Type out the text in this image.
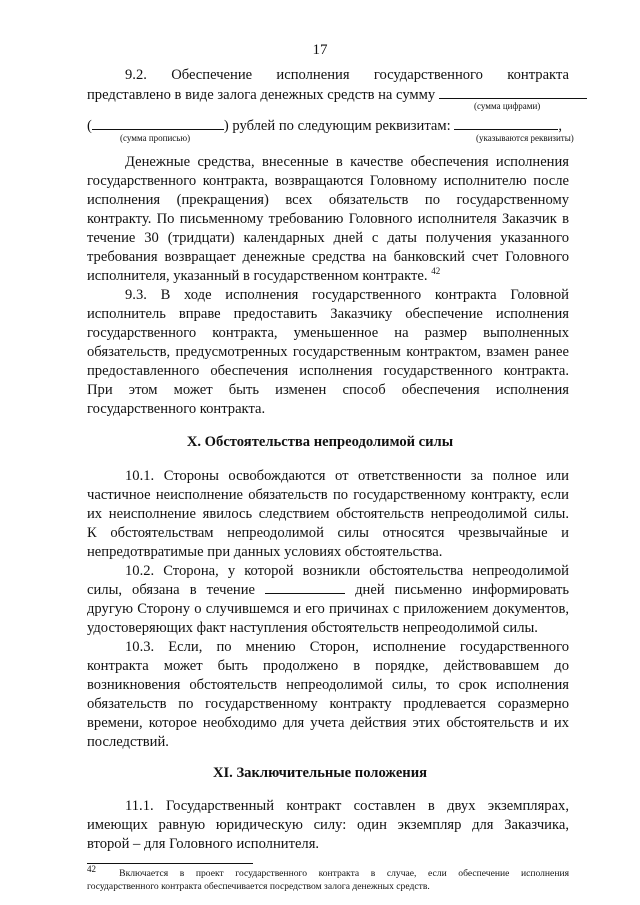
17
9.2. Обеспечение исполнения государственного контракта
представлено в виде залога денежных средств на сумму
(сумма цифрами)
(	) рублей по следующим реквизитам:	,
(сумма прописью)	(указываются реквизиты)
Денежные средства, внесенные в качестве обеспечения исполнения
государственного контракта, возвращаются Головному исполнителю после
исполнения (прекращения) всех обязательств по государственному
контракту. По письменному требованию Головного исполнителя Заказчик в
течение 30 (тридцати) календарных дней с даты получения указанного
требования возвращает денежные средства на банковский счет Головного
исполнителя, указанный в государственном контракте. $^{42}$
9.3. В ходе исполнения государственного контракта Головной
исполнитель вправе предоставить Заказчику обеспечение исполнения
государственного контракта, уменьшенное на размер выполненных
обязательств, предусмотренных государственным контрактом, взамен ранее
предоставленного обеспечения исполнения государственного контракта.
При этом может быть изменен способ обеспечения исполнения
государственного контракта.
X. Обстоятельства непреодолимой силы
10.1. Стороны освобождаются от ответственности за полное или
частичное неисполнение обязательств по государственному контракту, если
их неисполнение явилось следствием обстоятельств непреодолимой силы.
К обстоятельствам непреодолимой силы относятся чрезвычайные и
непредотвратимые при данных условиях обстоятельства.
10.2. Сторона, у которой возникли обстоятельства непреодолимой
силы, обязана в течение	дней письменно информировать
другую Сторону о случившемся и его причинах с приложением документов,
удостоверяющих факт наступления обстоятельств непреодолимой силы.
10.3. Если, по мнению Сторон, исполнение государственного
контракта может быть продолжено в порядке, действовавшем до
возникновения обстоятельств непреодолимой силы, то срок исполнения
обязательств по государственному контракту продлевается соразмерно
времени, которое необходимо для учета действия этих обстоятельств и их
последствий.
XI. Заключительные положения
11.1. Государственный контракт составлен в двух экземплярах,
имеющих равную юридическую силу: один экземпляр для Заказчика,
второй – для Головного исполнителя.
$^{42}$ Включается в проект государственного контракта в случае, если обеспечение исполнения
государственного контракта обеспечивается посредством залога денежных средств.
